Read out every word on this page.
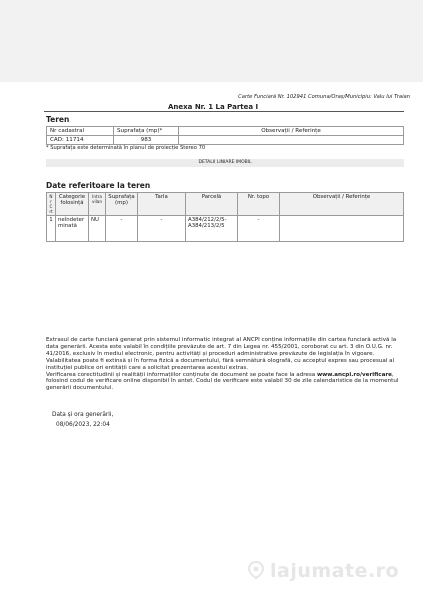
Carte Funciară Nr. 102941 Comuna/Oraș/Municipiu: Valu lui Traian
Anexa Nr. 1 La Partea I
Teren
Nr cadastral	Suprafața (mp)*	Observații / Referințe
CAD: 11714	983	
* Suprafața este determinată în planul de proiecție Stereo 70
DETALII LINIARE IMOBIL
Date referitoare la teren
Nr Crt	Categorie folosință	Intra vilan	Suprafața (mp)	Tarla	Parcelă	Nr. topo	Observații / Referințe
1	neîndeterminată	NU	-	-	A384/212/2/5-A384/213/2/5	-	
Extrasul de carte funciară generat prin sistemul informatic integrat al ANCPI conține informațiile din cartea funciară activă la data generării. Acesta este valabil în condițiile prevăzute de art. 7 din Legea nr. 455/2001, coroborat cu art. 3 din O.U.G. nr. 41/2016, exclusiv în mediul electronic, pentru activități și proceduri administrative prevăzute de legislația în vigoare. Valabilitatea poate fi extinsă și în forma fizică a documentului, fără semnătură olografă, cu acceptul expres sau procesual al instituției publice ori entității care a solicitat prezentarea acestui extras.
Verificarea corectitudinii și realității informațiilor conținute de document se poate face la adresa www.ancpi.ro/verificare, folosind codul de verificare online disponibil în antet. Codul de verificare este valabil 30 de zile calendaristice de la momentul generării documentului.
Data și ora generării,
08/06/2023, 22:04
lajumate.ro
